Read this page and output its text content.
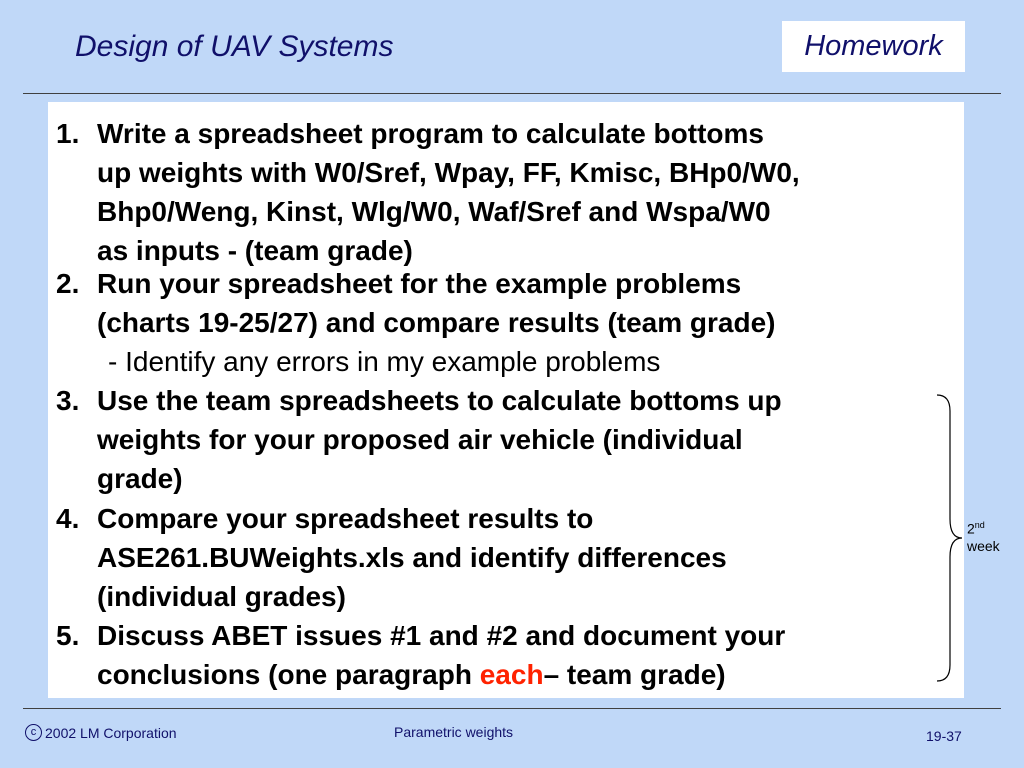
Design of UAV Systems	Homework
1. Write a spreadsheet program to calculate bottoms
up weights with W0/Sref, Wpay, FF, Kmisc, BHp0/W0,
Bhp0/Weng, Kinst, Wlg/W0, Waf/Sref and Wspa/W0
as inputs - (team grade)
2. Run your spreadsheet for the example problems
(charts 19-25/27) and compare results (team grade)
- Identify any errors in my example problems
3. Use the team spreadsheets to calculate bottoms up
weights for your proposed air vehicle (individual
grade)
4. Compare your spreadsheet results to
ASE261.BUWeights.xls and identify differences
(individual grades)
5. Discuss ABET issues #1 and #2 and document your
conclusions (one paragraph each– team grade)
2nd
week
c 2002 LM Corporation	Parametric weights	19-37
